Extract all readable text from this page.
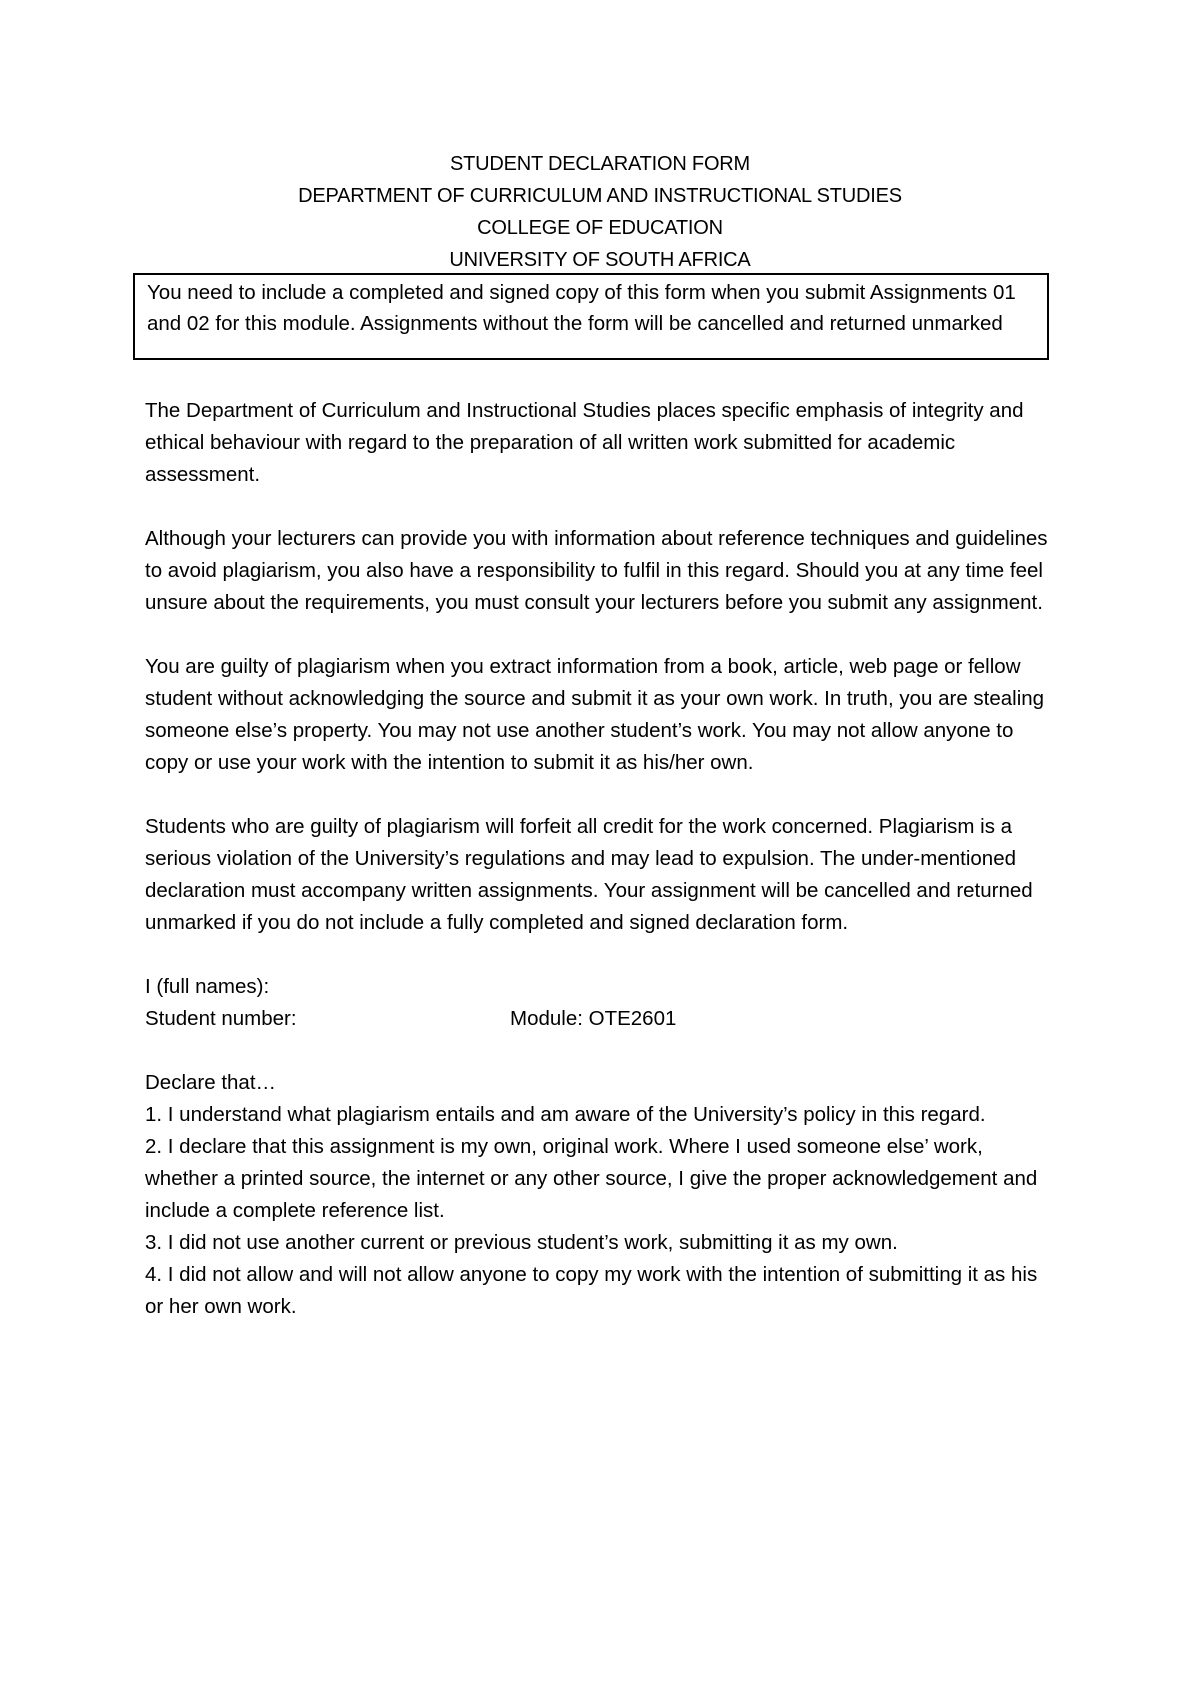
STUDENT DECLARATION FORM
DEPARTMENT OF CURRICULUM AND INSTRUCTIONAL STUDIES
COLLEGE OF EDUCATION
UNIVERSITY OF SOUTH AFRICA
You need to include a completed and signed copy of this form when you submit Assignments 01 and 02 for this module. Assignments without the form will be cancelled and returned unmarked

The Department of Curriculum and Instructional Studies places specific emphasis of integrity and ethical behaviour with regard to the preparation of all written work submitted for academic assessment.

Although your lecturers can provide you with information about reference techniques and guidelines to avoid plagiarism, you also have a responsibility to fulfil in this regard. Should you at any time feel unsure about the requirements, you must consult your lecturers before you submit any assignment.

You are guilty of plagiarism when you extract information from a book, article, web page or fellow student without acknowledging the source and submit it as your own work. In truth, you are stealing someone else’s property. You may not use another student’s work. You may not allow anyone to copy or use your work with the intention to submit it as his/her own.

Students who are guilty of plagiarism will forfeit all credit for the work concerned. Plagiarism is a serious violation of the University’s regulations and may lead to expulsion. The under-mentioned declaration must accompany written assignments. Your assignment will be cancelled and returned unmarked if you do not include a fully completed and signed declaration form.

I (full names):
Student number:	Module: OTE2601

Declare that…

1. I understand what plagiarism entails and am aware of the University’s policy in this regard.

2. I declare that this assignment is my own, original work. Where I used someone else’ work, whether a printed source, the internet or any other source, I give the proper acknowledgement and include a complete reference list.

3. I did not use another current or previous student’s work, submitting it as my own.

4. I did not allow and will not allow anyone to copy my work with the intention of submitting it as his or her own work.
